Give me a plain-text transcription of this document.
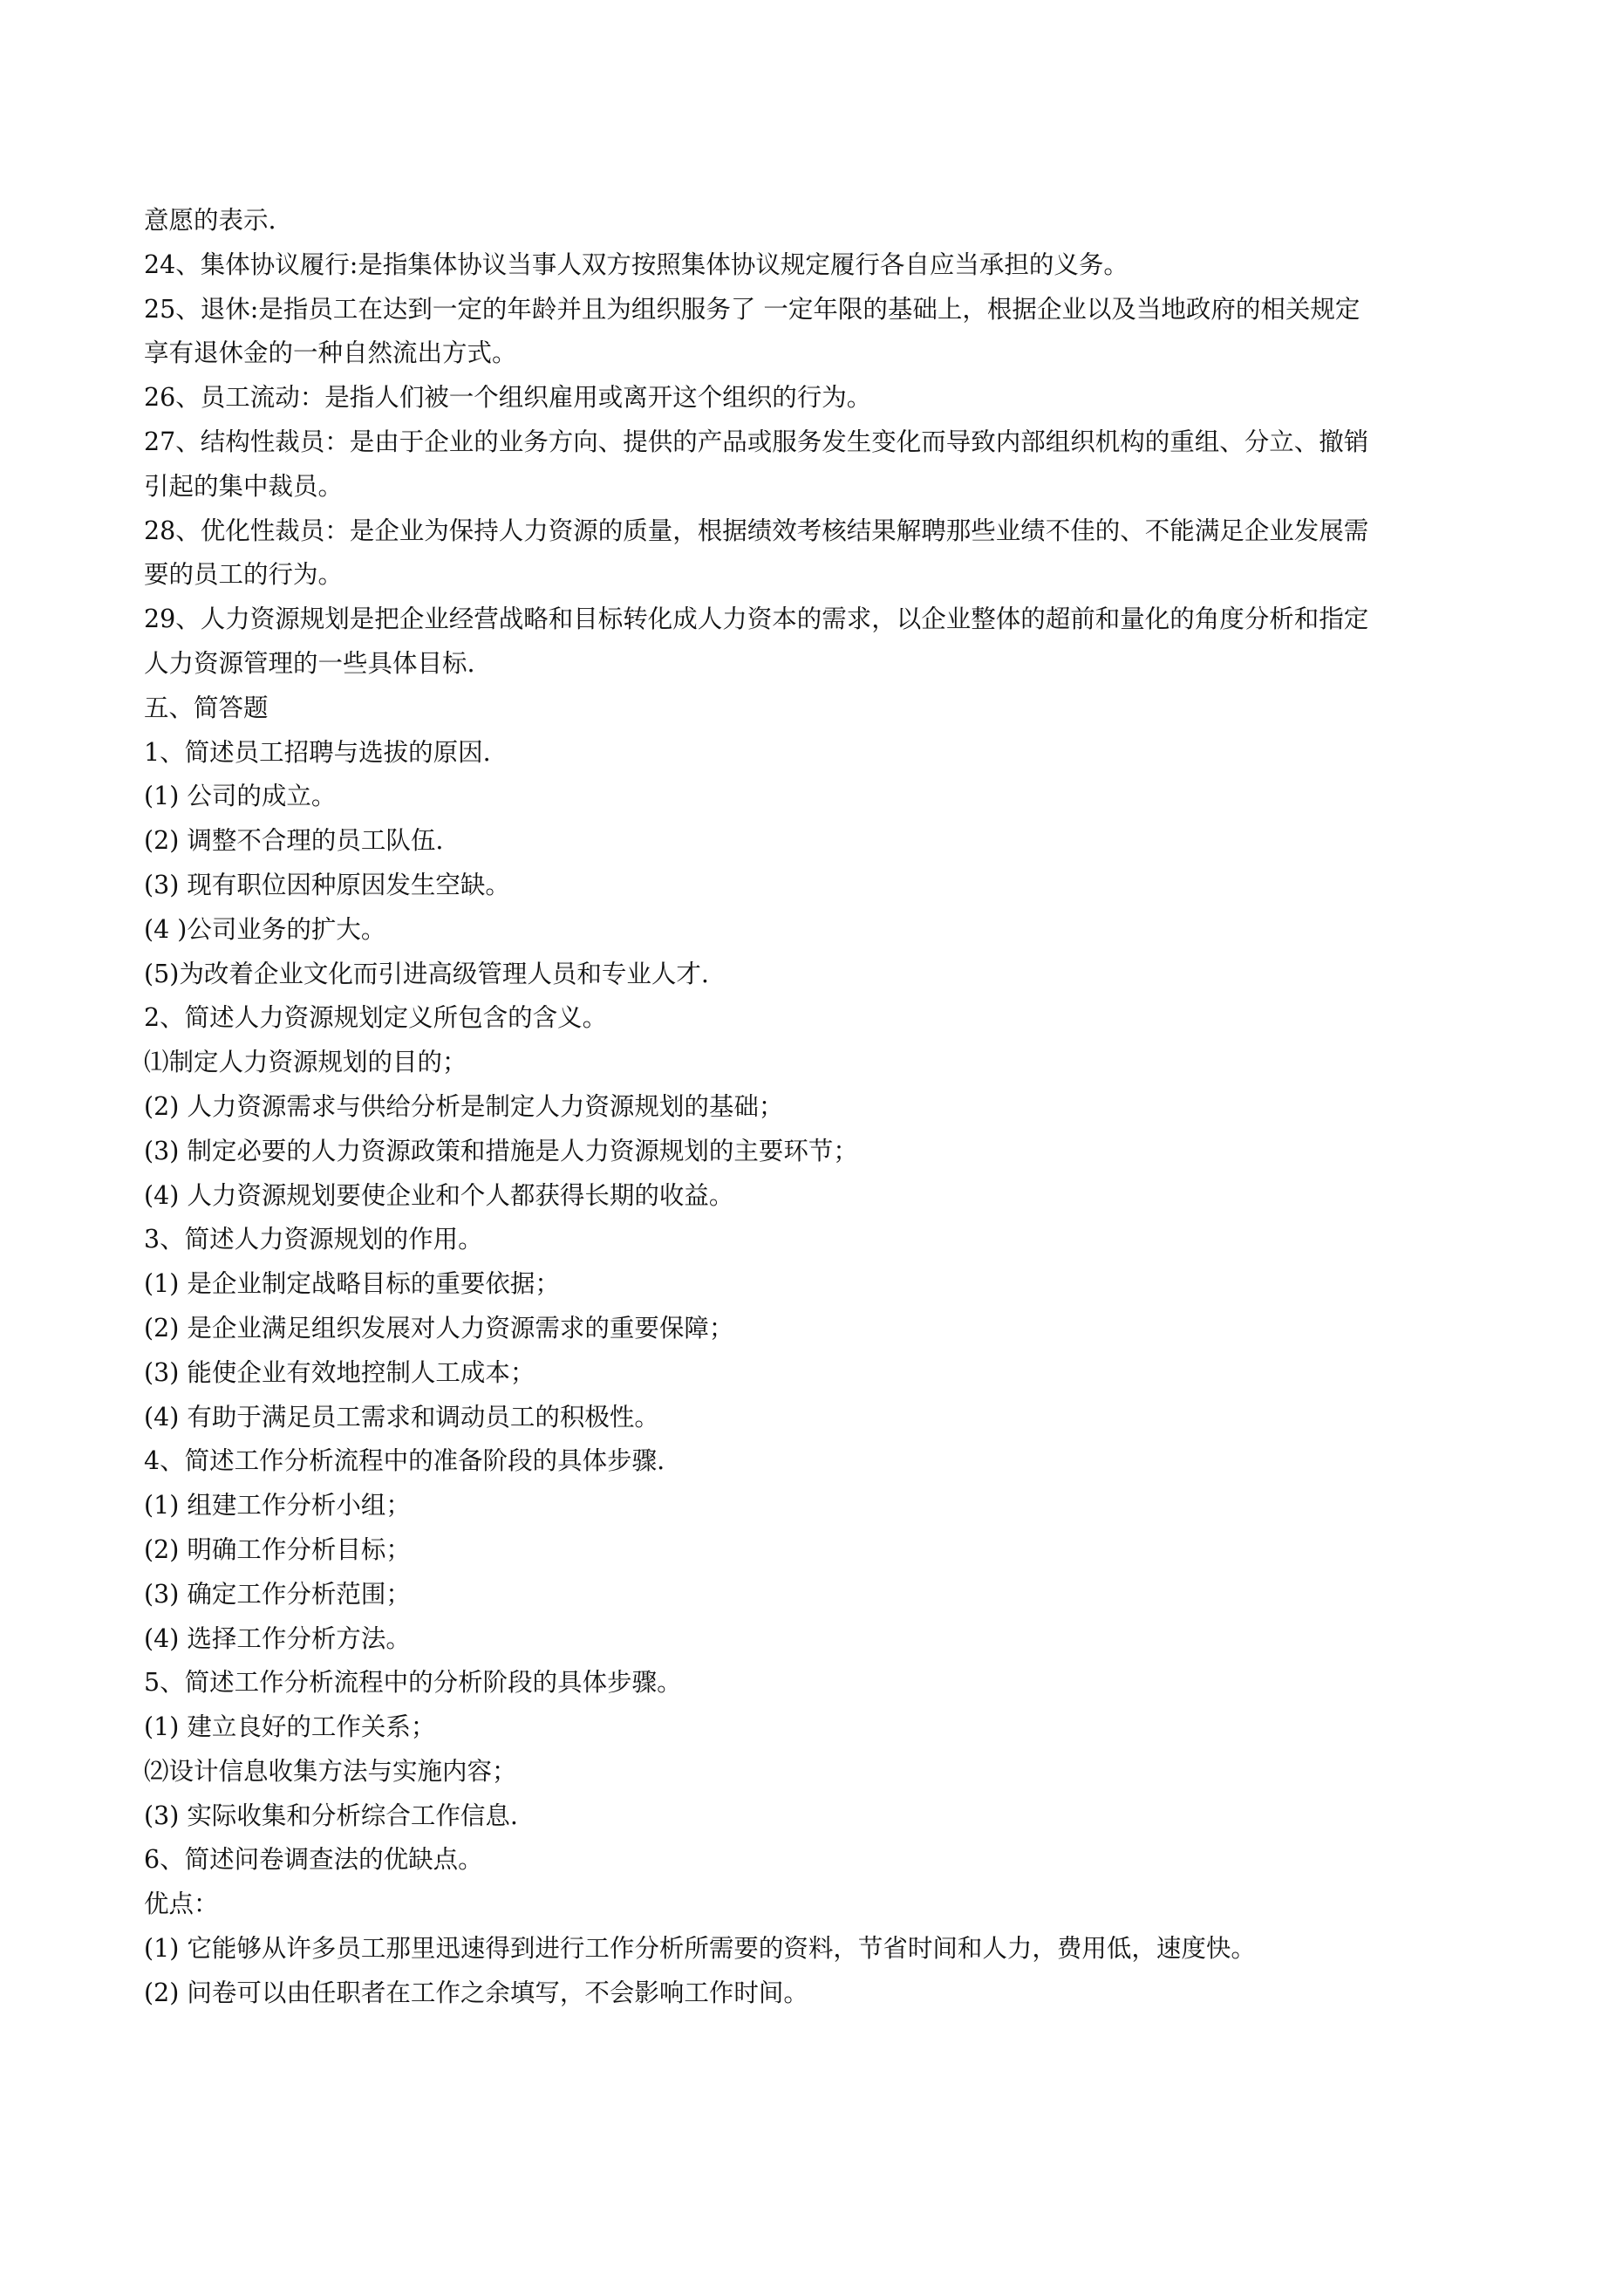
意愿的表示.
24、集体协议履行:是指集体协议当事人双方按照集体协议规定履行各自应当承担的义务。
25、退休:是指员工在达到一定的年龄并且为组织服务了 一定年限的基础上，根据企业以及当地政府的相关规定
享有退休金的一种自然流出方式。
26、员工流动：是指人们被一个组织雇用或离开这个组织的行为。
27、结构性裁员：是由于企业的业务方向、提供的产品或服务发生变化而导致内部组织机构的重组、分立、撤销
引起的集中裁员。
28、优化性裁员：是企业为保持人力资源的质量，根据绩效考核结果解聘那些业绩不佳的、不能满足企业发展需
要的员工的行为。
29、人力资源规划是把企业经营战略和目标转化成人力资本的需求，以企业整体的超前和量化的角度分析和指定
人力资源管理的一些具体目标.
五、简答题
1、简述员工招聘与选拔的原因.
(1) 公司的成立。
(2) 调整不合理的员工队伍.
(3) 现有职位因种原因发生空缺。
(4 )公司业务的扩大。
(5)为改着企业文化而引进高级管理人员和专业人才.
2、简述人力资源规划定义所包含的含义。
⑴制定人力资源规划的目的；
(2) 人力资源需求与供给分析是制定人力资源规划的基础；
(3) 制定必要的人力资源政策和措施是人力资源规划的主要环节；
(4) 人力资源规划要使企业和个人都获得长期的收益。
3、简述人力资源规划的作用。
(1) 是企业制定战略目标的重要依据；
(2) 是企业满足组织发展对人力资源需求的重要保障；
(3) 能使企业有效地控制人工成本；
(4) 有助于满足员工需求和调动员工的积极性。
4、简述工作分析流程中的准备阶段的具体步骤.
(1) 组建工作分析小组；
(2) 明确工作分析目标；
(3) 确定工作分析范围；
(4) 选择工作分析方法。
5、简述工作分析流程中的分析阶段的具体步骤。
(1) 建立良好的工作关系；
⑵设计信息收集方法与实施内容；
(3) 实际收集和分析综合工作信息.
6、简述问卷调查法的优缺点。
优点：
(1) 它能够从许多员工那里迅速得到进行工作分析所需要的资料，节省时间和人力，费用低，速度快。
(2) 问卷可以由任职者在工作之余填写，不会影响工作时间。
